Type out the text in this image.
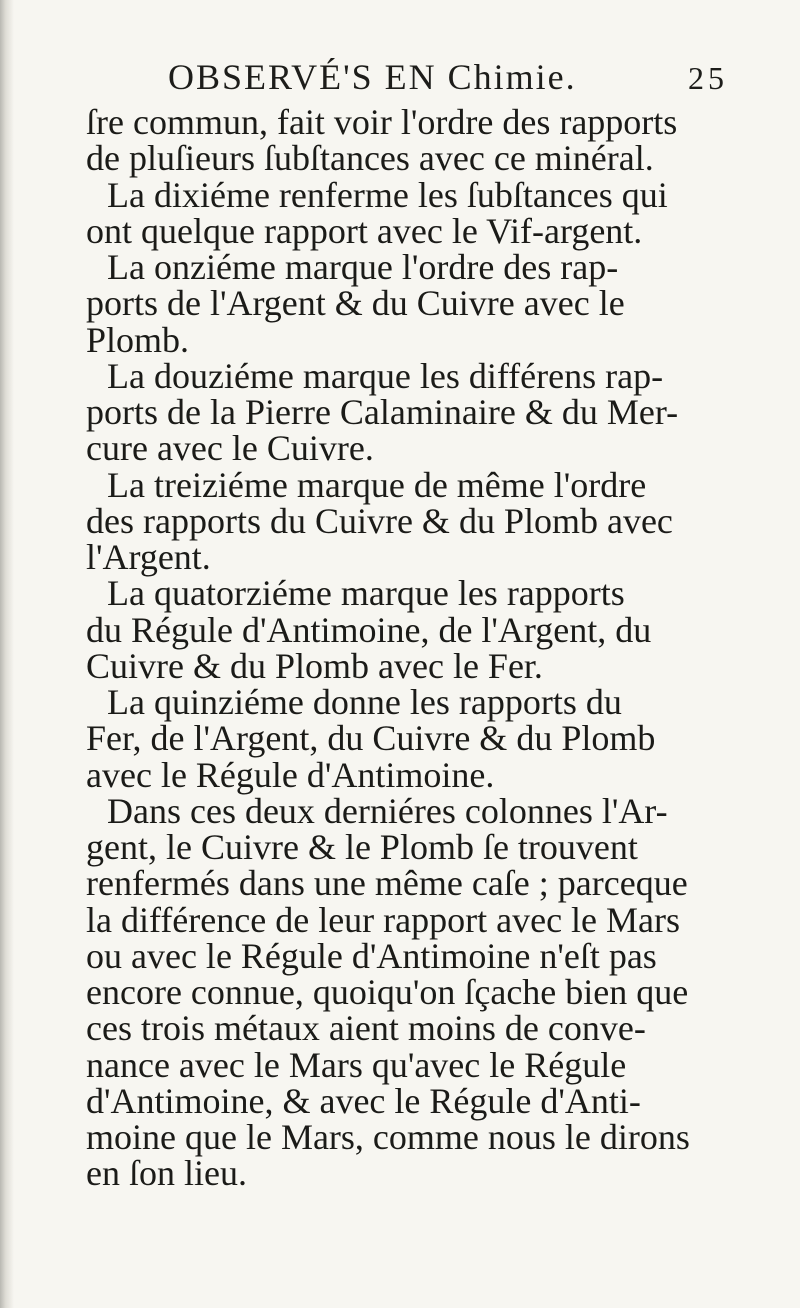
OBSERVÉ'S EN Chimie.	25
ſre commun, fait voir l'ordre des rapports
de pluſieurs ſubſtances avec ce minéral.
La dixiéme renferme les ſubſtances qui
ont quelque rapport avec le Vif-argent.
La onziéme marque l'ordre des rap-
ports de l'Argent & du Cuivre avec le
Plomb.
La douziéme marque les différens rap-
ports de la Pierre Calaminaire & du Mer-
cure avec le Cuivre.
La treiziéme marque de même l'ordre
des rapports du Cuivre & du Plomb avec
l'Argent.
La quatorziéme marque les rapports
du Régule d'Antimoine, de l'Argent, du
Cuivre & du Plomb avec le Fer.
La quinziéme donne les rapports du
Fer, de l'Argent, du Cuivre & du Plomb
avec le Régule d'Antimoine.
Dans ces deux derniéres colonnes l'Ar-
gent, le Cuivre & le Plomb ſe trouvent
renfermés dans une même caſe ; parceque
la différence de leur rapport avec le Mars
ou avec le Régule d'Antimoine n'eſt pas
encore connue, quoiqu'on ſçache bien que
ces trois métaux aient moins de conve-
nance avec le Mars qu'avec le Régule
d'Antimoine, & avec le Régule d'Anti-
moine que le Mars, comme nous le dirons
en ſon lieu.
